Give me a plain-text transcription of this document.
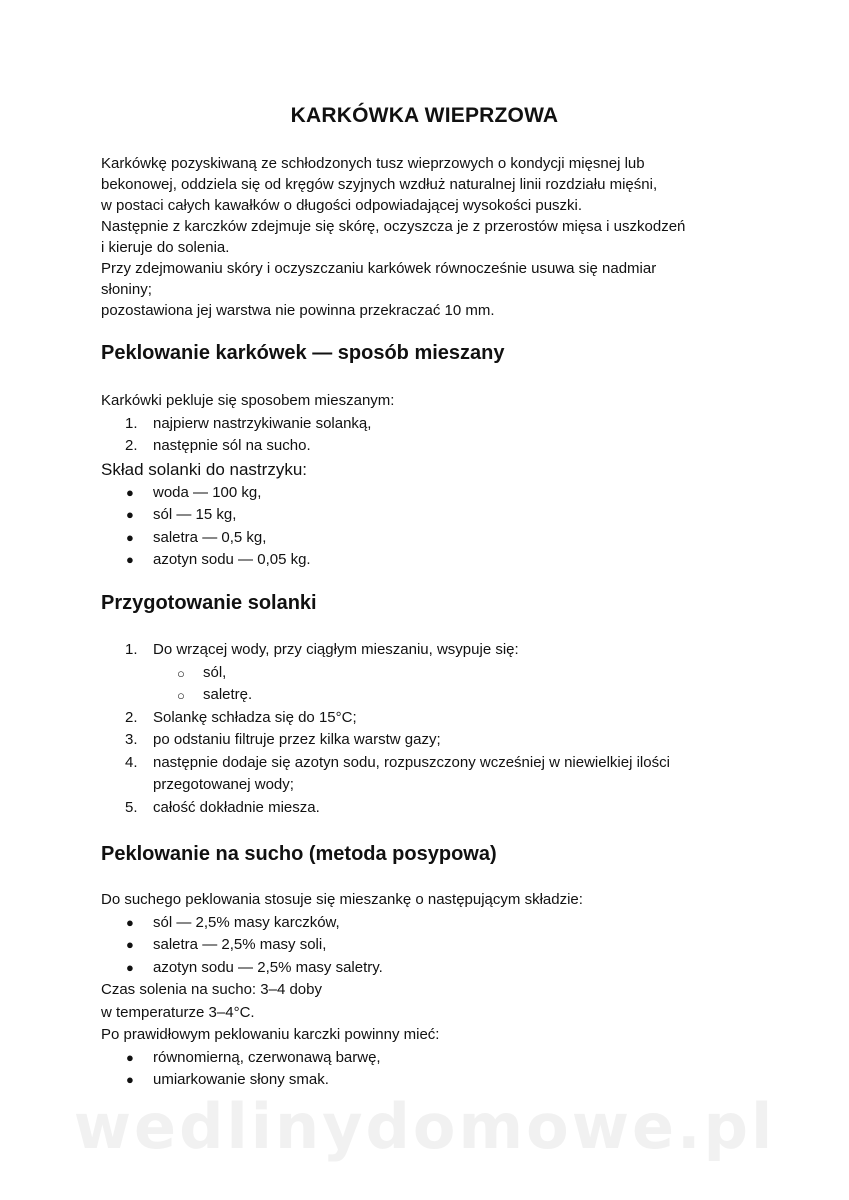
KARKÓWKA WIEPRZOWA

Karkówkę pozyskiwaną ze schłodzonych tusz wieprzowych o kondycji mięsnej lub

bekonowej, oddziela się od kręgów szyjnych wzdłuż naturalnej linii rozdziału mięśni,

w postaci całych kawałków o długości odpowiadającej wysokości puszki.

Następnie z karczków zdejmuje się skórę, oczyszcza je z przerostów mięsa i uszkodzeń

i kieruje do solenia.

Przy zdejmowaniu skóry i oczyszczaniu karkówek równocześnie usuwa się nadmiar

słoniny;

pozostawiona jej warstwa nie powinna przekraczać 10 mm.

Peklowanie karkówek — sposób mieszany

Karkówki pekluje się sposobem mieszanym:

1.	najpierw nastrzykiwanie solanką,
2.	następnie sól na sucho.

Skład solanki do nastrzyku:

● woda — 100 kg,
● sól — 15 kg,
● saletra — 0,5 kg,
● azotyn sodu — 0,05 kg.
Przygotowanie solanki
1.	Do wrzącej wody, przy ciągłym mieszaniu, wsypuje się:
○ sól,
○ saletrę.
2.	Solankę schładza się do 15°C;
3.	po odstaniu filtruje przez kilka warstw gazy;
4.	następnie dodaje się azotyn sodu, rozpuszczony wcześniej w niewielkiej ilości
przegotowanej wody;
5.	całość dokładnie miesza.
Peklowanie na sucho (metoda posypowa)

Do suchego peklowania stosuje się mieszankę o następującym składzie:

● sól — 2,5% masy karczków,
● saletra — 2,5% masy soli,
● azotyn sodu — 2,5% masy saletry.

Czas solenia na sucho: 3–4 doby

w temperaturze 3–4°C.

Po prawidłowym peklowaniu karczki powinny mieć:

● równomierną, czerwonawą barwę,
● umiarkowanie słony smak.
wedlinydomowe.pl
